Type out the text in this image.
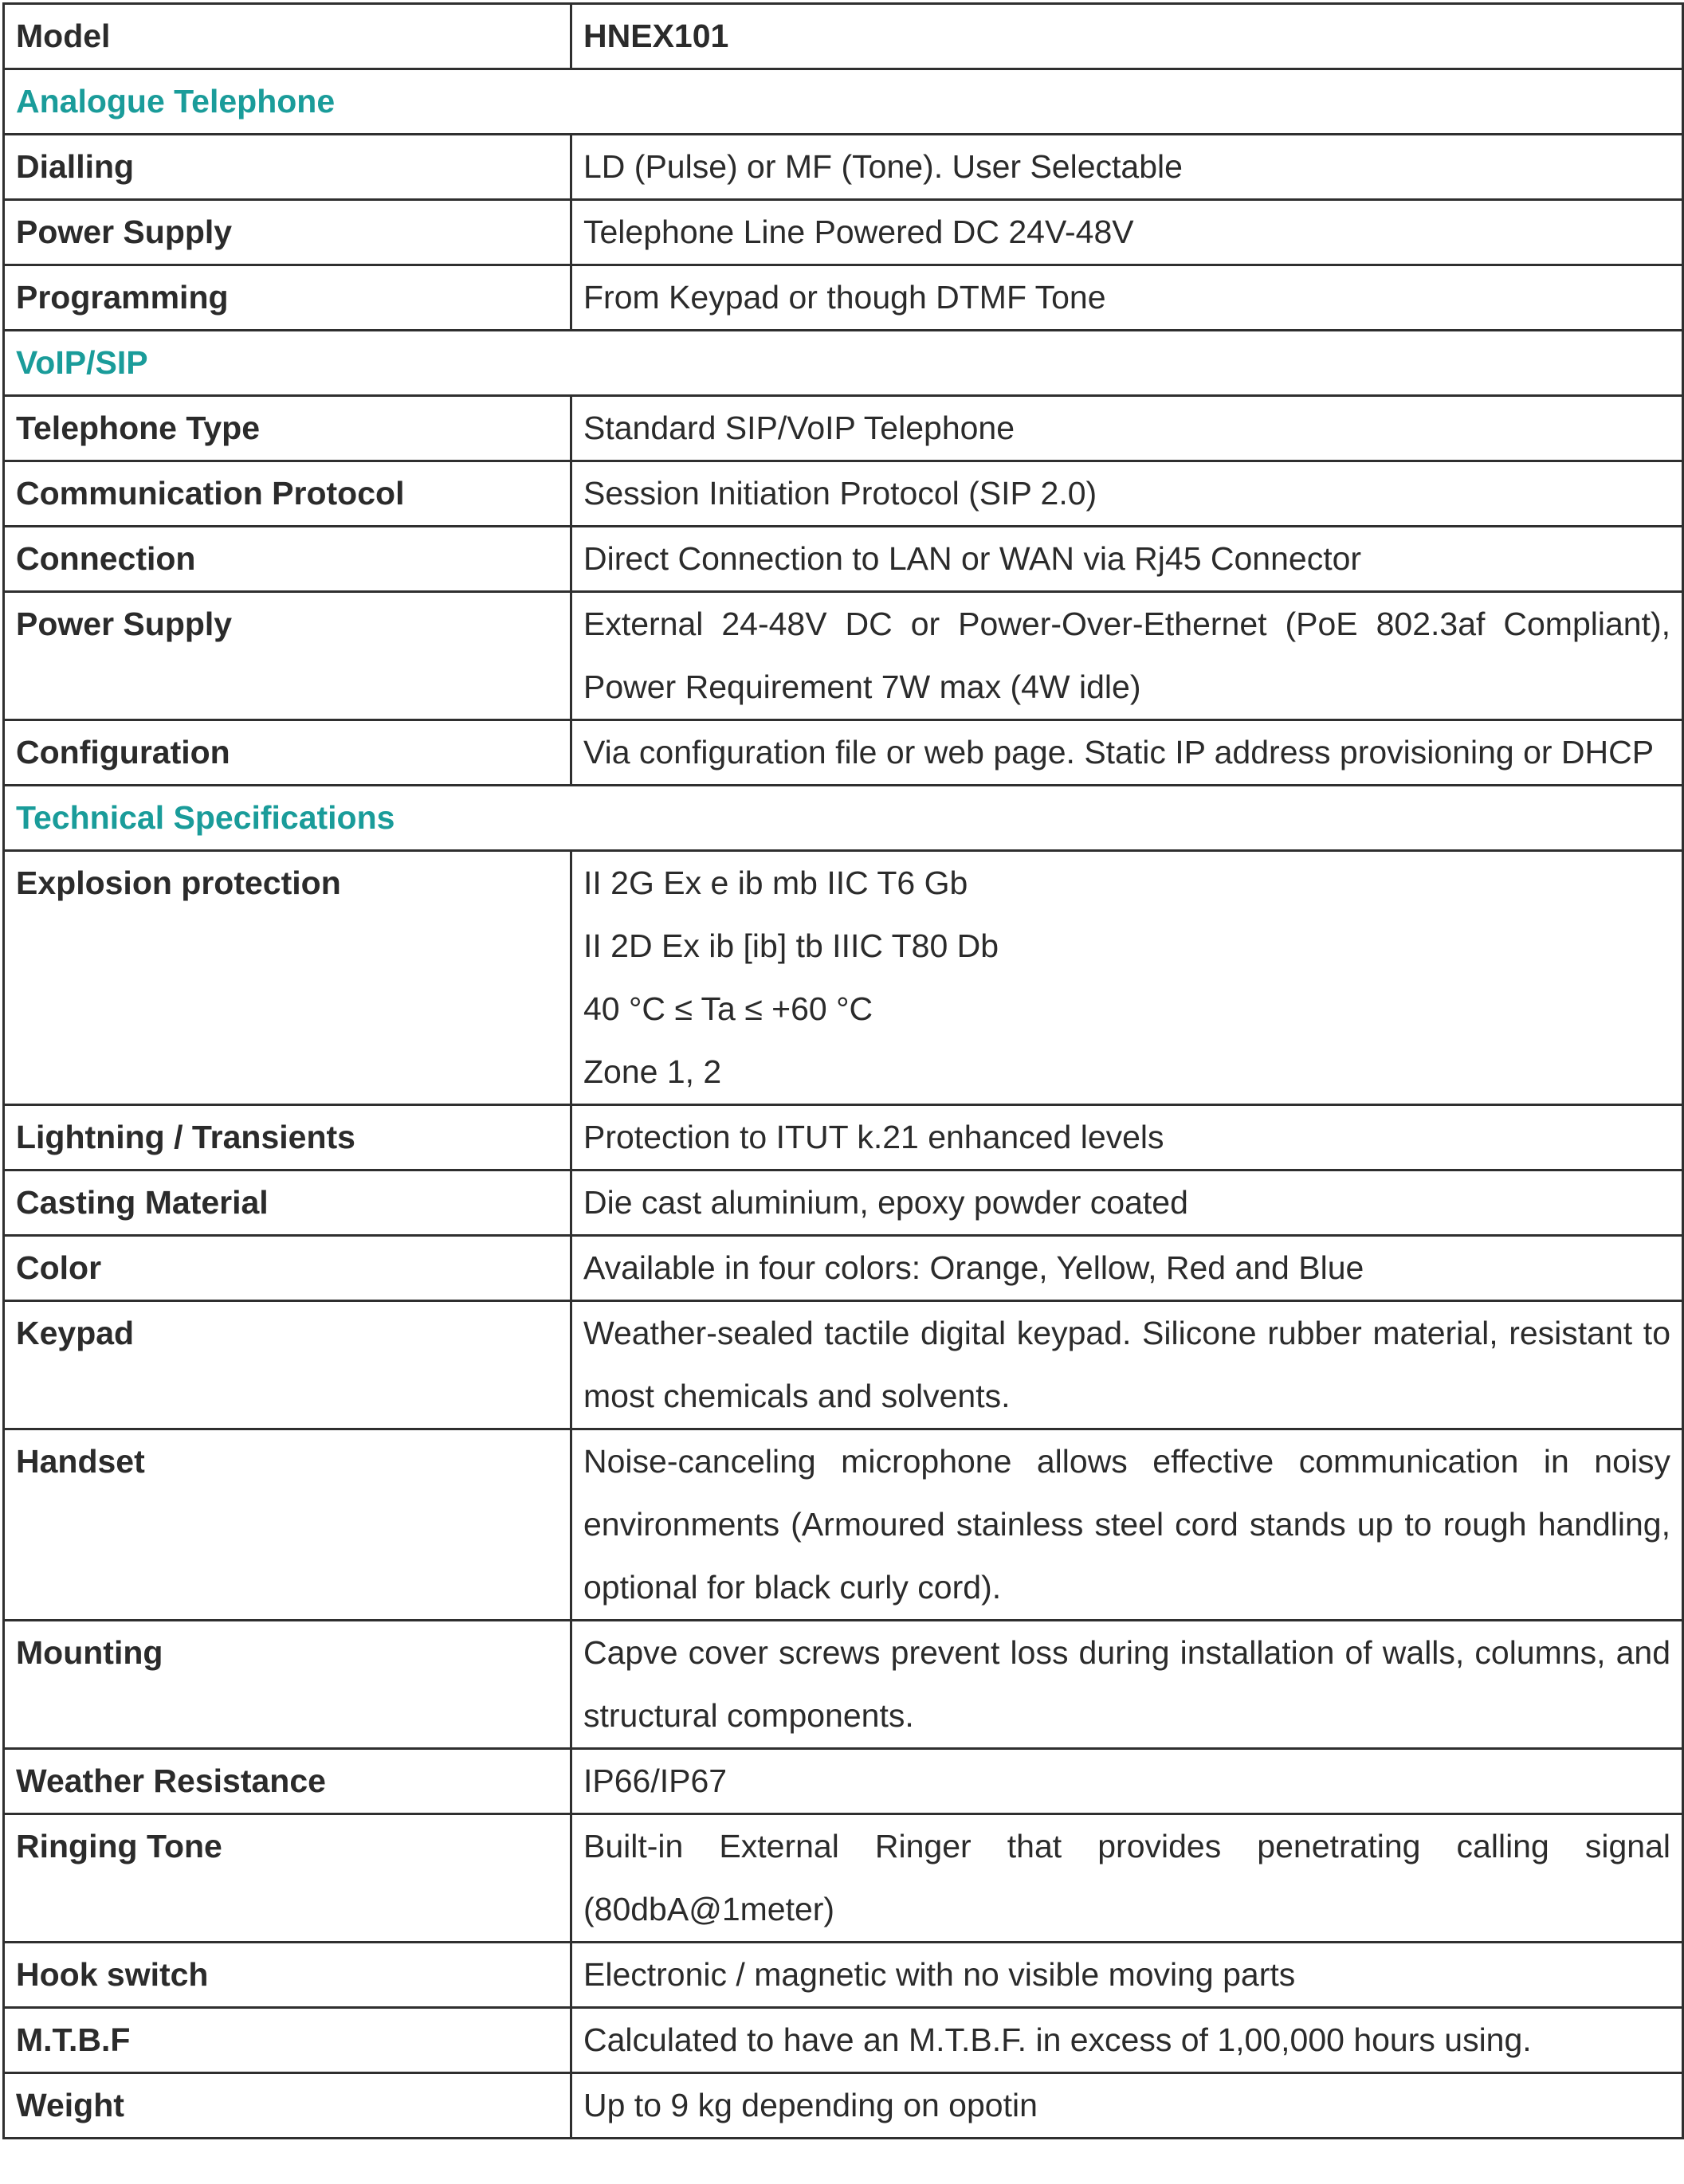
Model	HNEX101
Analogue Telephone	
Dialling	LD (Pulse) or MF (Tone). User Selectable

Power Supply	Telephone Line Powered DC 24V-48V

Programming	From Keypad or though DTMF Tone

VoIP/SIP	
Telephone Type	Standard SIP/VoIP Telephone

Communication Protocol	Session Initiation Protocol (SIP 2.0)

Connection	Direct Connection to LAN or WAN via Rj45 Connector

Power Supply	External 24-48V DC or Power-Over-Ethernet (PoE 802.3af Compliant), Power Requirement 7W max (4W idle)

Configuration	Via configuration file or web page. Static IP address provisioning or DHCP

Technical Specifications	
Explosion protection	II 2G Ex e ib mb IIC T6 Gb
II 2D Ex ib [ib] tb IIIC T80 Db
40 °C ≤ Ta ≤ +60 °C
Zone 1, 2

Lightning / Transients	Protection to ITUT k.21 enhanced levels

Casting Material	Die cast aluminium, epoxy powder coated

Color	Available in four colors: Orange, Yellow, Red and Blue

Keypad	Weather-sealed tactile digital keypad. Silicone rubber material, resistant to most chemicals and solvents.

Handset	Noise-canceling microphone allows effective communication in noisy environments (Armoured stainless steel cord stands up to rough handling, optional for black curly cord).

Mounting	Capve cover screws prevent loss during installation of walls, columns, and structural components.

Weather Resistance	IP66/IP67

Ringing Tone	Built-in External Ringer that provides penetrating calling signal (80dbA@1meter)

Hook switch	Electronic / magnetic with no visible moving parts

M.T.B.F	Calculated to have an M.T.B.F. in excess of 1,00,000 hours using.

Weight	Up to 9 kg depending on opotin
